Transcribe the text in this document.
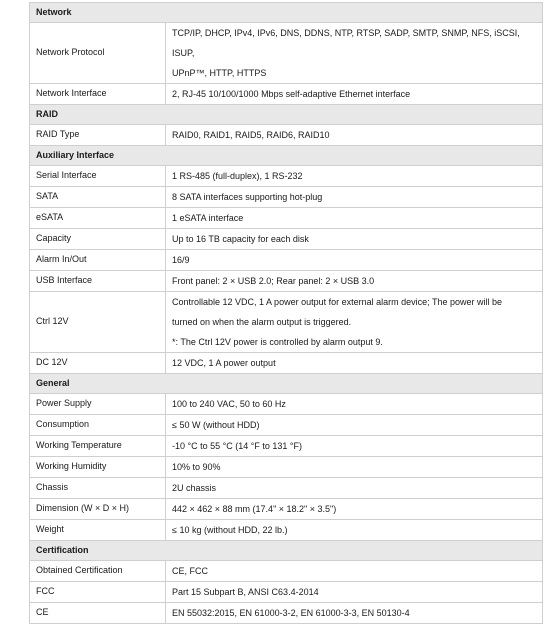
Network	
Network Protocol	TCP/IP, DHCP, IPv4, IPv6, DNS, DDNS, NTP, RTSP, SADP, SMTP, SNMP, NFS, iSCSI, ISUP,
UPnP™, HTTP, HTTPS

Network Interface	2, RJ-45 10/100/1000 Mbps self-adaptive Ethernet interface

RAID	
RAID Type	RAID0, RAID1, RAID5, RAID6, RAID10

Auxiliary Interface	
Serial Interface	1 RS-485 (full-duplex), 1 RS-232

SATA	8 SATA interfaces supporting hot-plug

eSATA	1 eSATA interface

Capacity	Up to 16 TB capacity for each disk

Alarm In/Out	16/9

USB Interface	Front panel: 2 × USB 2.0; Rear panel: 2 × USB 3.0

Ctrl 12V	Controllable 12 VDC, 1 A power output for external alarm device; The power will be
turned on when the alarm output is triggered.
*: The Ctrl 12V power is controlled by alarm output 9.

DC 12V	12 VDC, 1 A power output

General	
Power Supply	100 to 240 VAC, 50 to 60 Hz

Consumption	≤ 50 W (without HDD)

Working Temperature	-10 °C to 55 °C (14 °F to 131 °F)

Working Humidity	10% to 90%

Chassis	2U chassis

Dimension (W × D × H)	442 × 462 × 88 mm (17.4" × 18.2" × 3.5")

Weight	≤ 10 kg (without HDD, 22 lb.)

Certification	
Obtained Certification	CE, FCC

FCC	Part 15 Subpart B, ANSI C63.4-2014

CE	EN 55032:2015, EN 61000-3-2, EN 61000-3-3, EN 50130-4
